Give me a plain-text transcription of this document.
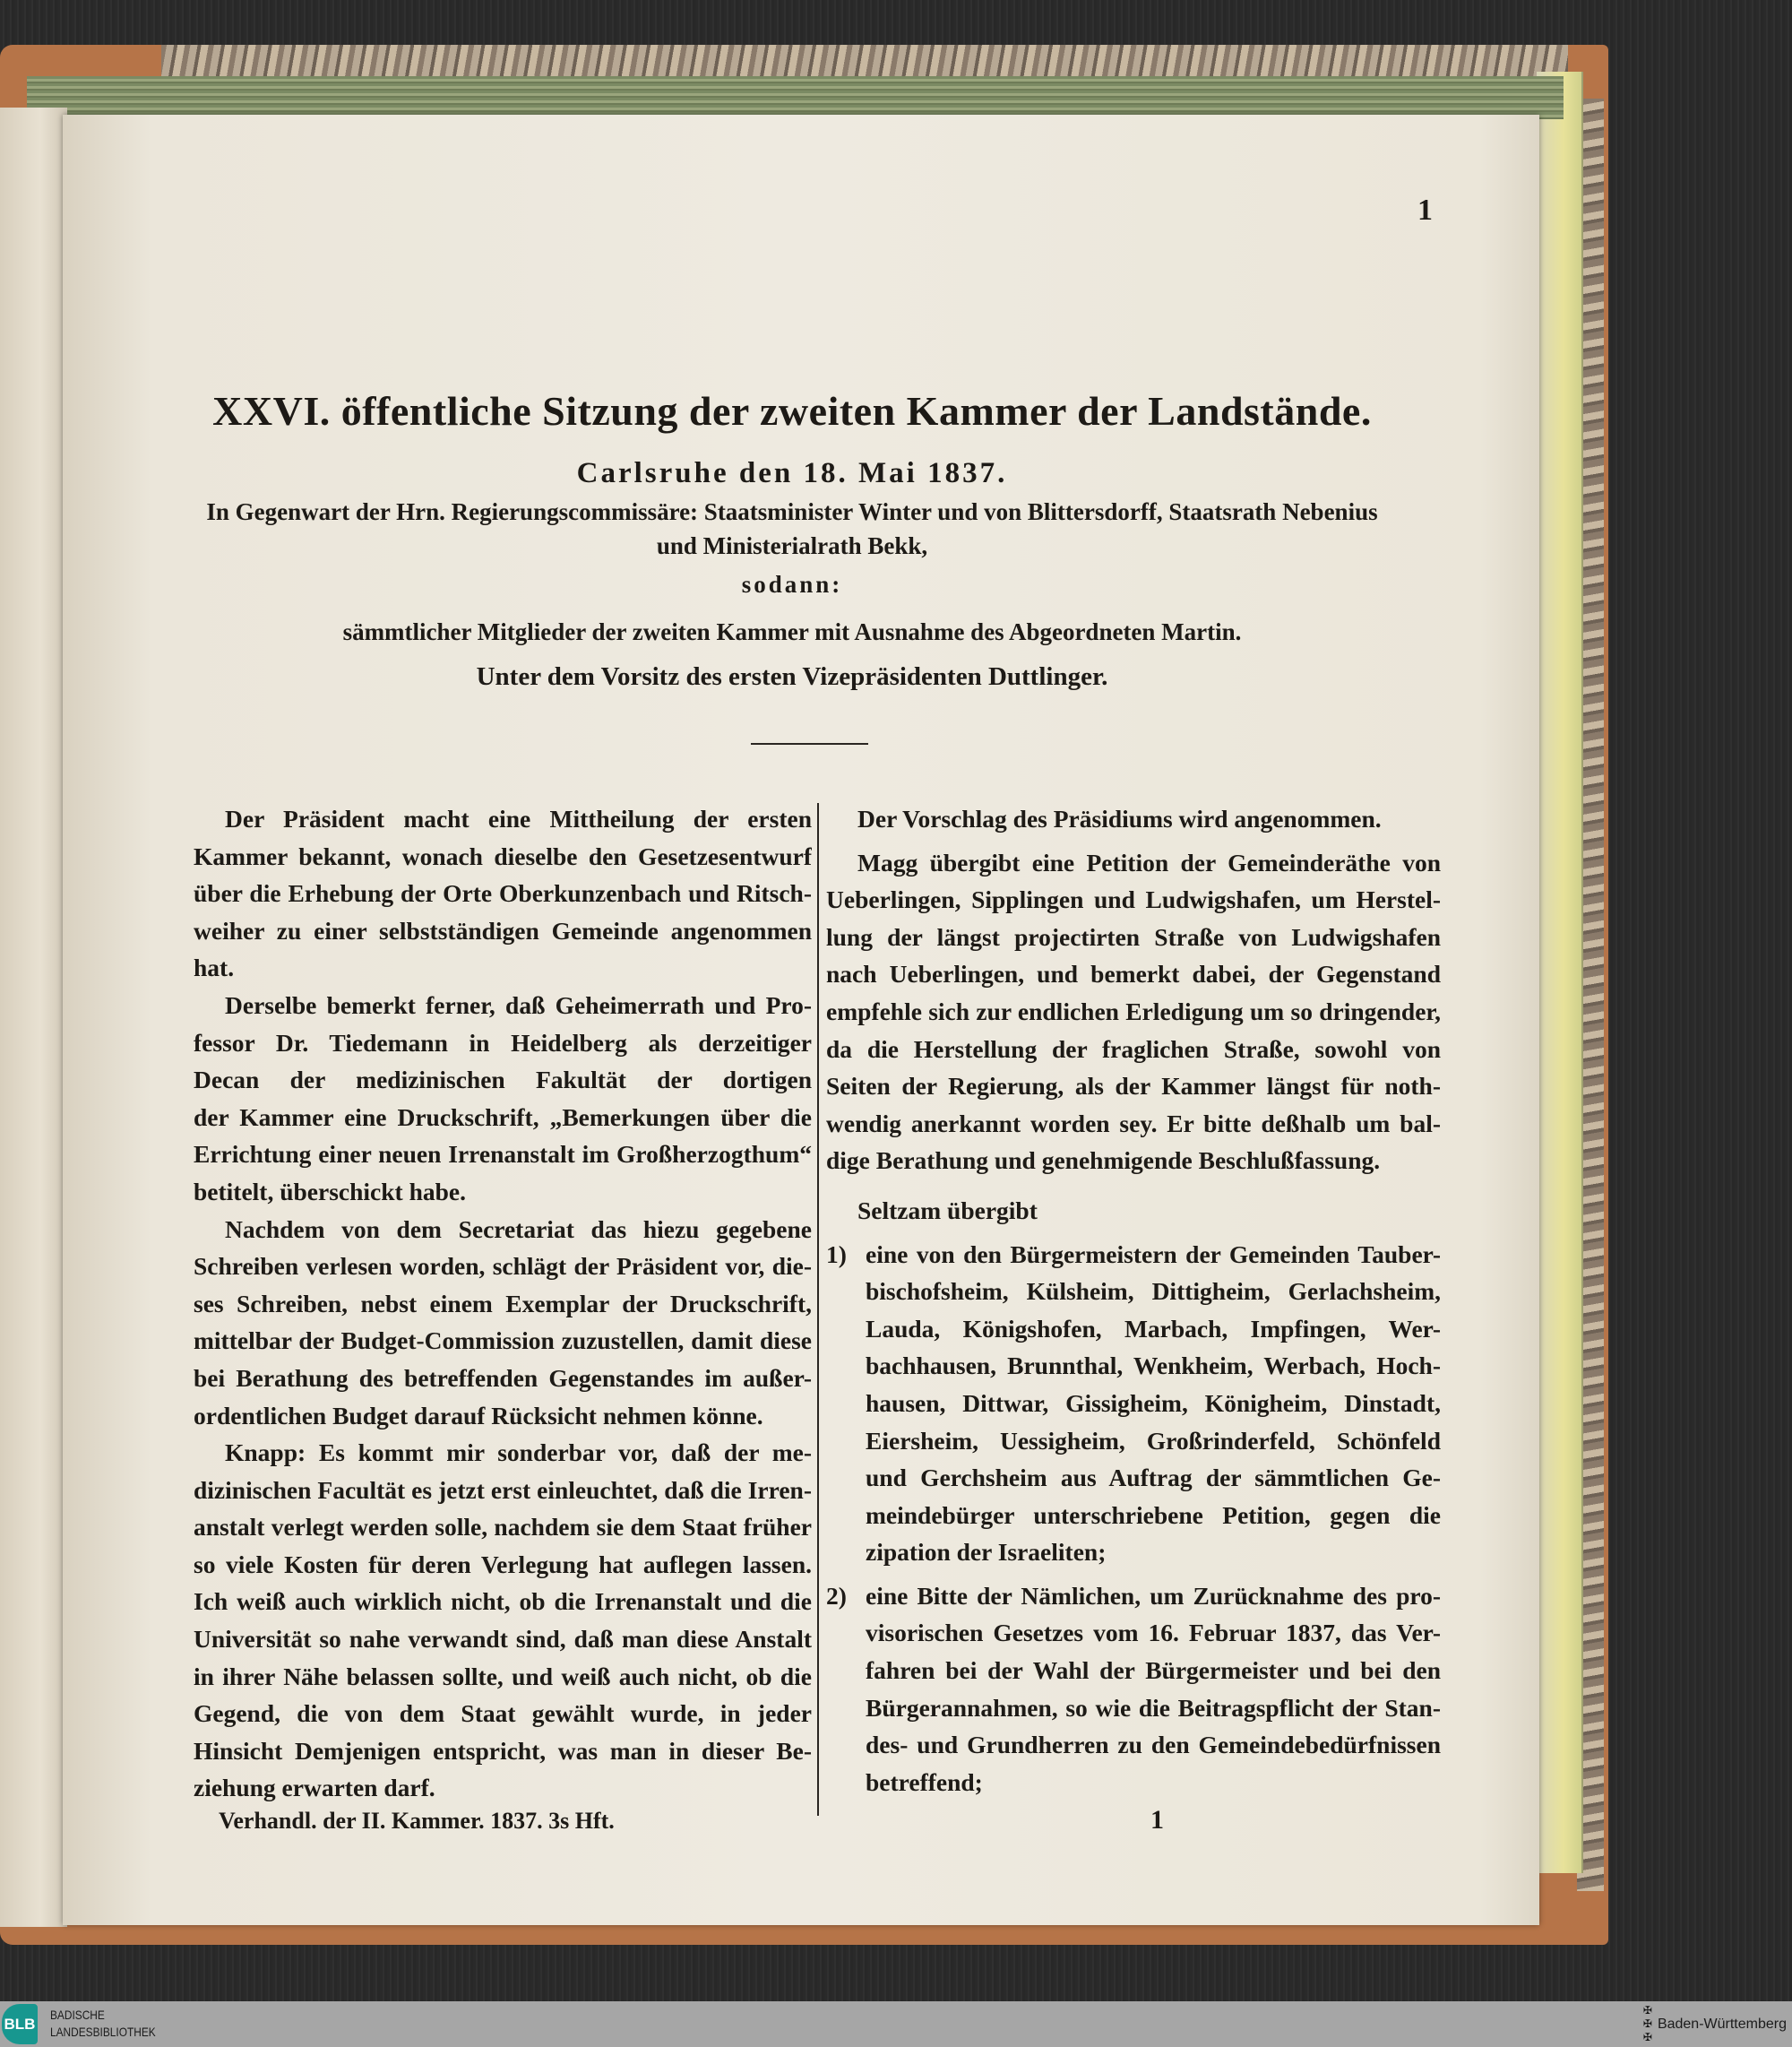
1
XXVI. öffentliche Sitzung der zweiten Kammer der Landstände.
Carlsruhe den 18. Mai 1837.
In Gegenwart der Hrn. Regierungscommissäre: Staatsminister Winter und von Blittersdorff, Staatsrath Nebenius
und Ministerialrath Bekk,
sodann:
sämmtlicher Mitglieder der zweiten Kammer mit Ausnahme des Abgeordneten Martin.
Unter dem Vorsitz des ersten Vizepräsidenten Duttlinger.
Der Präsident macht eine Mittheilung der ersten
Kammer bekannt, wonach dieselbe den Gesetzesentwurf
über die Erhebung der Orte Oberkunzenbach und Ritsch-
weiher zu einer selbstständigen Gemeinde angenommen
hat.
Derselbe bemerkt ferner, daß Geheimerrath und Pro-
fessor Dr. Tiedemann in Heidelberg als derzeitiger
Decan der medizinischen Fakultät der dortigen
der Kammer eine Druckschrift, „Bemerkungen über die
Errichtung einer neuen Irrenanstalt im Großherzogthum“
betitelt, überschickt habe.
Nachdem von dem Secretariat das hiezu gegebene
Schreiben verlesen worden, schlägt der Präsident vor, die-
ses Schreiben, nebst einem Exemplar der Druckschrift,
mittelbar der Budget-Commission zuzustellen, damit diese
bei Berathung des betreffenden Gegenstandes im außer-
ordentlichen Budget darauf Rücksicht nehmen könne.
Knapp: Es kommt mir sonderbar vor, daß der me-
dizinischen Facultät es jetzt erst einleuchtet, daß die Irren-
anstalt verlegt werden solle, nachdem sie dem Staat früher
so viele Kosten für deren Verlegung hat auflegen lassen.
Ich weiß auch wirklich nicht, ob die Irrenanstalt und die
Universität so nahe verwandt sind, daß man diese Anstalt
in ihrer Nähe belassen sollte, und weiß auch nicht, ob die
Gegend, die von dem Staat gewählt wurde, in jeder
Hinsicht Demjenigen entspricht, was man in dieser Be-
ziehung erwarten darf.
Der Vorschlag des Präsidiums wird angenommen.
Magg übergibt eine Petition der Gemeinderäthe von
Ueberlingen, Sipplingen und Ludwigshafen, um Herstel-
lung der längst projectirten Straße von Ludwigshafen
nach Ueberlingen, und bemerkt dabei, der Gegenstand
empfehle sich zur endlichen Erledigung um so dringender,
da die Herstellung der fraglichen Straße, sowohl von
Seiten der Regierung, als der Kammer längst für noth-
wendig anerkannt worden sey. Er bitte deßhalb um bal-
dige Berathung und genehmigende Beschlußfassung.
Seltzam übergibt
1) eine von den Bürgermeistern der Gemeinden Tauber-
bischofsheim, Külsheim, Dittigheim, Gerlachsheim,
Lauda, Königshofen, Marbach, Impfingen, Wer-
bachhausen, Brunnthal, Wenkheim, Werbach, Hoch-
hausen, Dittwar, Gissigheim, Königheim, Dinstadt,
Eiersheim, Uessigheim, Großrinderfeld, Schönfeld
und Gerchsheim aus Auftrag der sämmtlichen Ge-
meindebürger unterschriebene Petition, gegen die
zipation der Israeliten;
2) eine Bitte der Nämlichen, um Zurücknahme des pro-
visorischen Gesetzes vom 16. Februar 1837, das Ver-
fahren bei der Wahl der Bürgermeister und bei den
Bürgerannahmen, so wie die Beitragspflicht der Stan-
des- und Grundherren zu den Gemeindebedürfnissen
betreffend;
Verhandl. der II. Kammer. 1837. 3s Hft.	1
BLB
BADISCHE
LANDESBIBLIOTHEK
✠
✠
✠
Baden-Württemberg
